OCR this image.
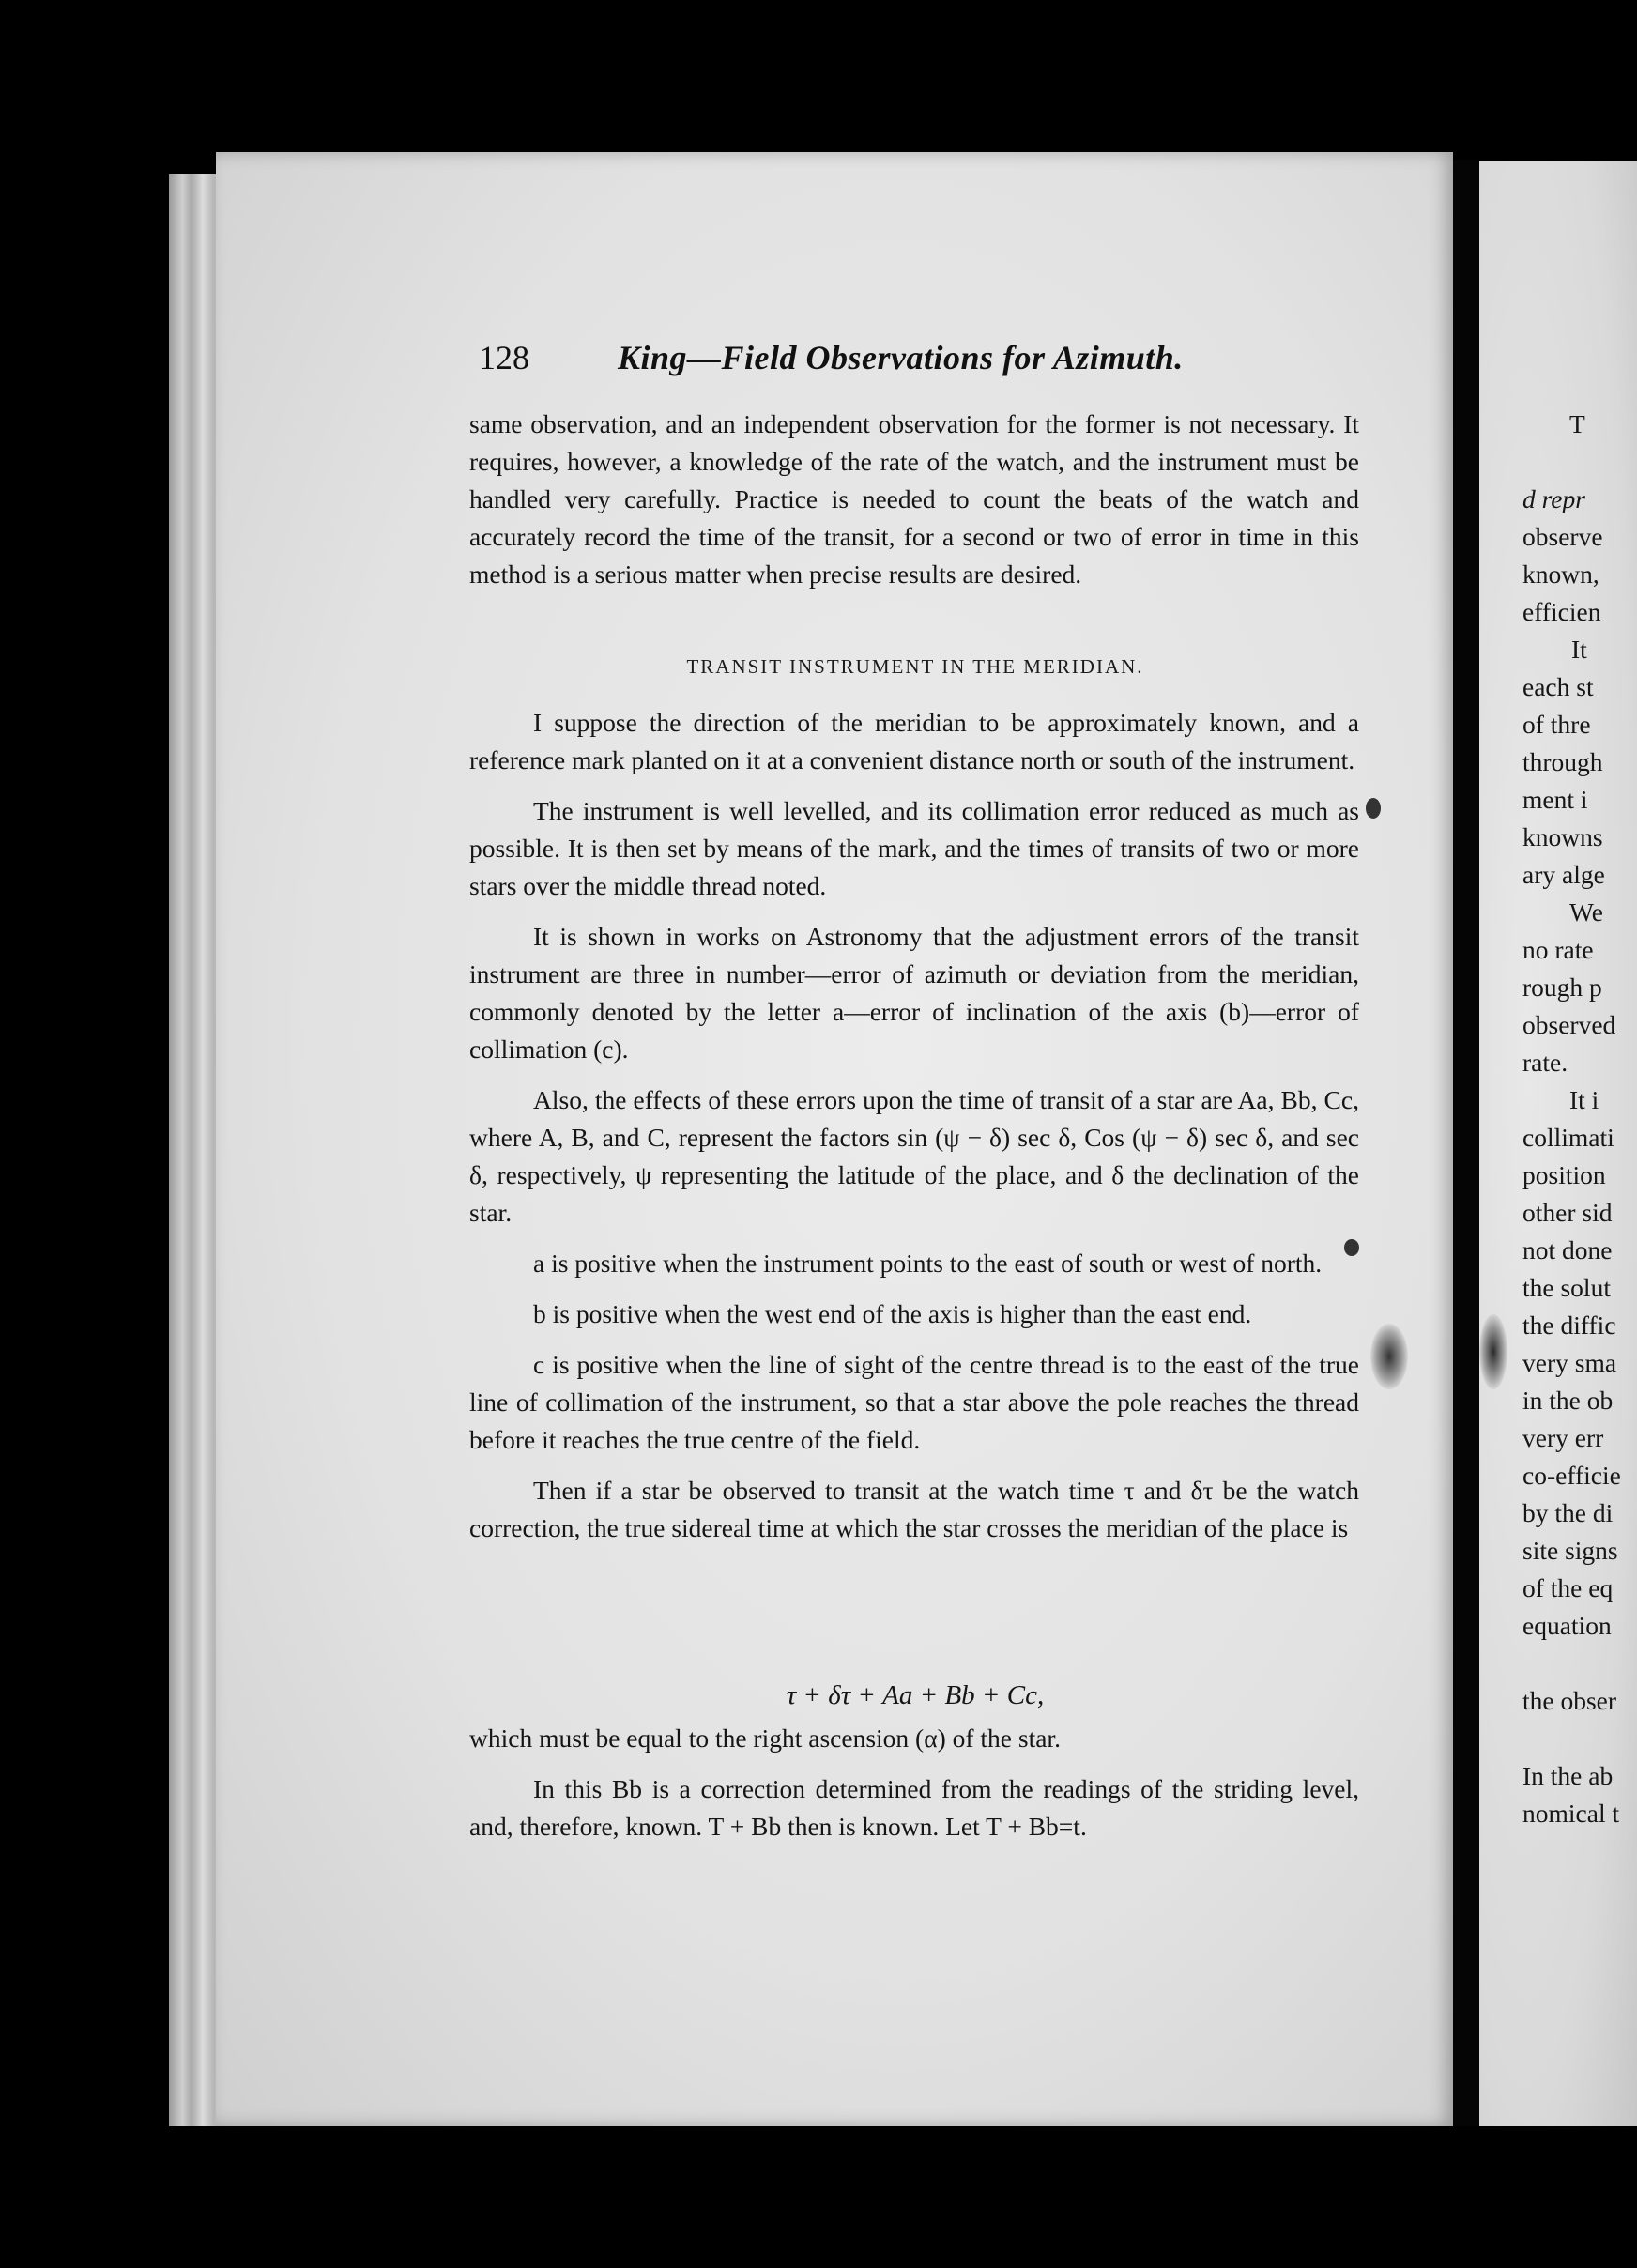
128	King—Field Observations for Azimuth.

same observation, and an independent observation for the former is not necessary. It requires, however, a knowledge of the rate of the watch, and the instrument must be handled very carefully. Practice is needed to count the beats of the watch and accurately record the time of the transit, for a second or two of error in time in this method is a serious matter when precise results are desired.

TRANSIT INSTRUMENT IN THE MERIDIAN.

I suppose the direction of the meridian to be approximately known, and a reference mark planted on it at a convenient distance north or south of the instrument.

The instrument is well levelled, and its collimation error reduced as much as possible. It is then set by means of the mark, and the times of transits of two or more stars over the middle thread noted.

It is shown in works on Astronomy that the adjustment errors of the transit instrument are three in number—error of azimuth or deviation from the meridian, commonly denoted by the letter a—error of inclination of the axis (b)—error of collimation (c).

Also, the effects of these errors upon the time of transit of a star are Aa, Bb, Cc, where A, B, and C, represent the factors sin (ψ − δ) sec δ, Cos (ψ − δ) sec δ, and sec δ, respectively, ψ representing the latitude of the place, and δ the declination of the star.

a is positive when the instrument points to the east of south or west of north.

b is positive when the west end of the axis is higher than the east end.

c is positive when the line of sight of the centre thread is to the east of the true line of collimation of the instrument, so that a star above the pole reaches the thread before it reaches the true centre of the field.

Then if a star be observed to transit at the watch time τ and δτ be the watch correction, the true sidereal time at which the star crosses the meridian of the place is

τ + δτ + Aa + Bb + Cc,

which must be equal to the right ascension (α) of the star.

In this Bb is a correction determined from the readings of the striding level, and, therefore, known. T + Bb then is known. Let T + Bb=t.

T

d repr

observe

known,

efficien

It

each st

of thre

through

ment i

knowns

ary alge

We

no rate

rough p

observed

rate.

It i

collimati

position

other sid

not done

the solut

the diffic

very sma

in the ob

very err

co-efficie

by the di

site signs

of the eq

equation

the obser

In the ab

nomical t
